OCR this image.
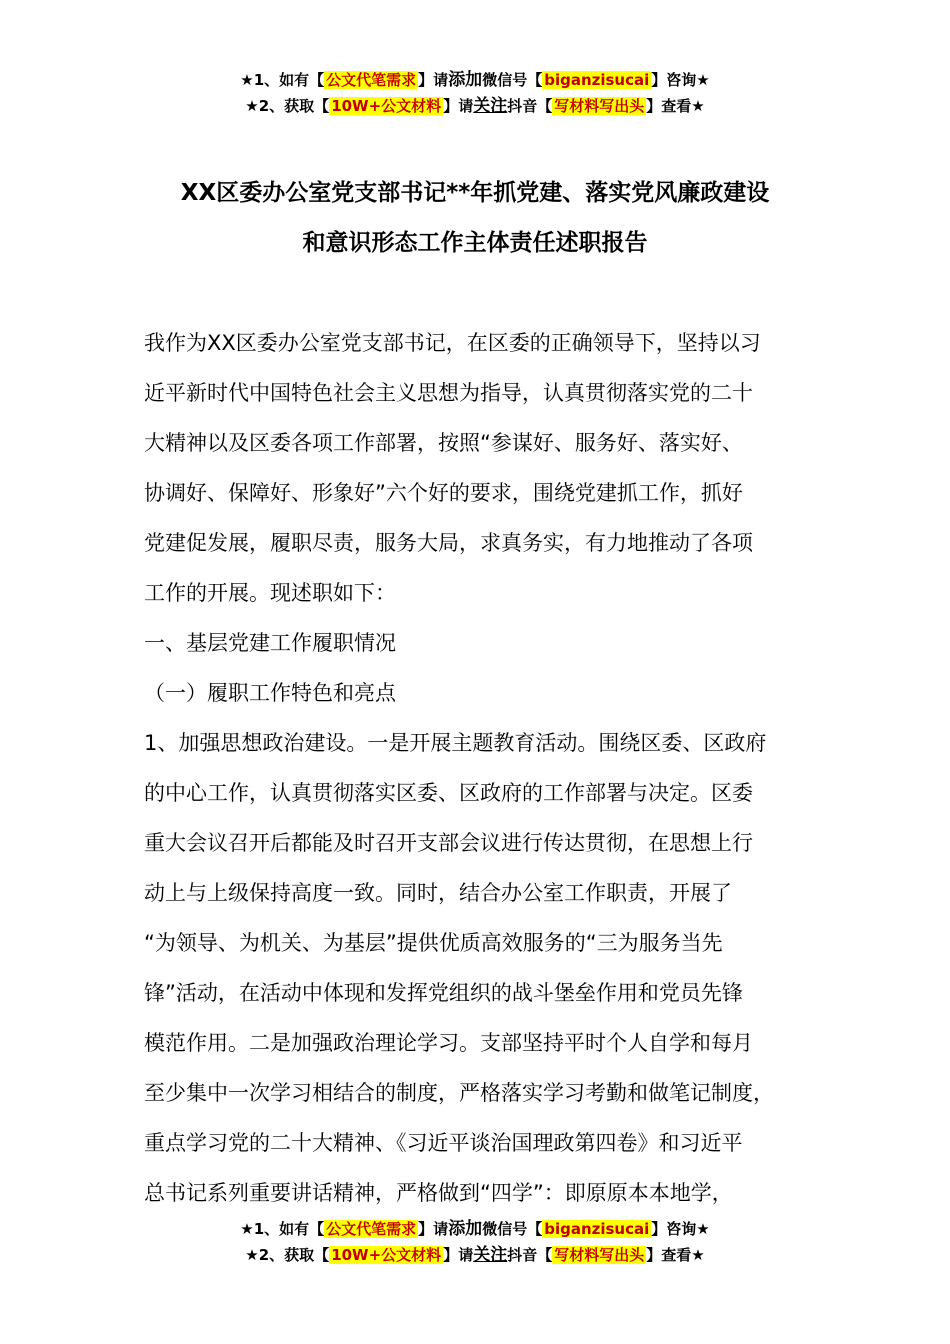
★1、如有【 公文代笔需求 】请添加微信号【 biganzisucai 】咨询★
★2、获取【 10W+公文材料 】请关注抖音【 写材料写出头 】查看★
XX区委办公室党支部书记**年抓党建、落实党风廉政建设
和意识形态工作主体责任述职报告
我作为XX区委办公室党支部书记，在区委的正确领导下，坚持以习
近平新时代中国特色社会主义思想为指导，认真贯彻落实党的二十
大精神以及区委各项工作部署，按照“参谋好、服务好、落实好、
协调好、保障好、形象好”六个好的要求，围绕党建抓工作，抓好
党建促发展，履职尽责，服务大局，求真务实，有力地推动了各项
工作的开展。现述职如下：
一、基层党建工作履职情况
（一）履职工作特色和亮点
1、加强思想政治建设。一是开展主题教育活动。围绕区委、区政府
的中心工作，认真贯彻落实区委、区政府的工作部署与决定。区委
重大会议召开后都能及时召开支部会议进行传达贯彻，在思想上行
动上与上级保持高度一致。同时，结合办公室工作职责，开展了
“为领导、为机关、为基层”提供优质高效服务的“三为服务当先
锋”活动，在活动中体现和发挥党组织的战斗堡垒作用和党员先锋
模范作用。二是加强政治理论学习。支部坚持平时个人自学和每月
至少集中一次学习相结合的制度，严格落实学习考勤和做笔记制度，
重点学习党的二十大精神、《习近平谈治国理政第四卷》和习近平
总书记系列重要讲话精神，严格做到“四学”：即原原本本地学，
★1、如有【 公文代笔需求 】请添加微信号【 biganzisucai 】咨询★
★2、获取【 10W+公文材料 】请关注抖音【 写材料写出头 】查看★
